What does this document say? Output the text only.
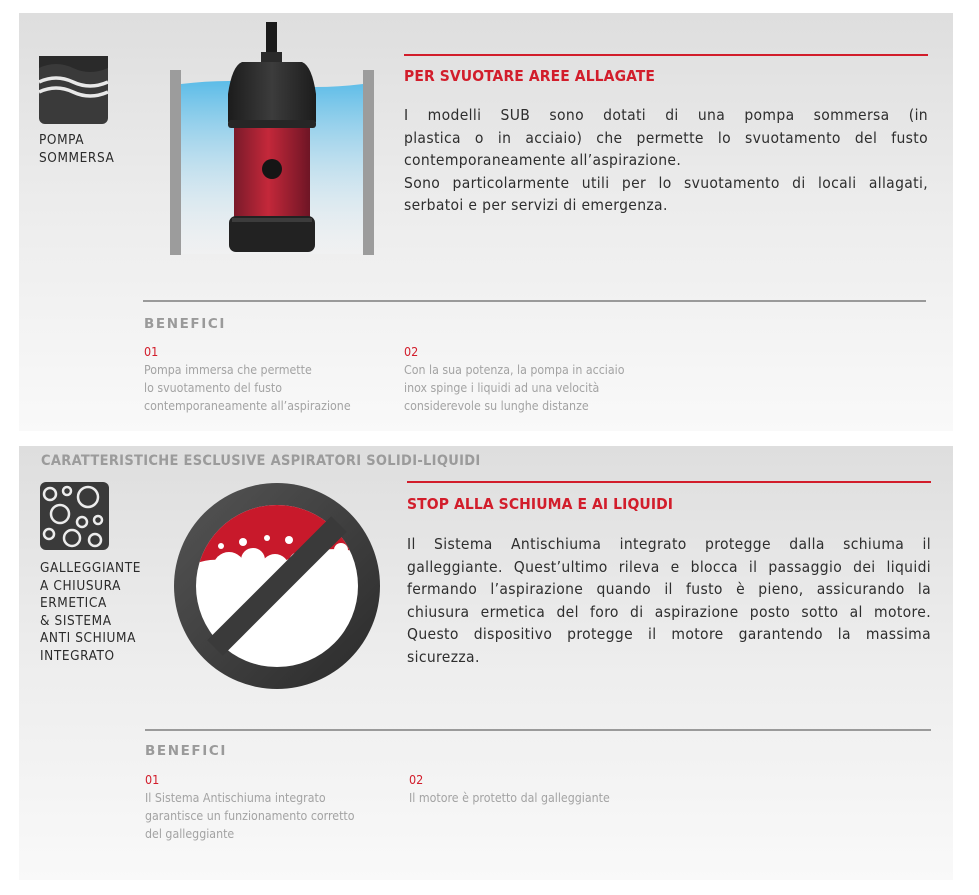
POMPA
SOMMERSA

PER SVUOTARE AREE ALLAGATE

I modelli SUB sono dotati di una pompa sommersa (in
plastica o in acciaio) che permette lo svuotamento del fusto
contemporaneamente all’aspirazione.
Sono particolarmente utili per lo svuotamento di locali allagati,
serbatoi e per servizi di emergenza.

BENEFICI
01
Pompa immersa che permette
lo svuotamento del fusto
contemporaneamente all’aspirazione
02
Con la sua potenza, la pompa in acciaio
inox spinge i liquidi ad una velocità
considerevole su lunghe distanze
CARATTERISTICHE ESCLUSIVE ASPIRATORI SOLIDI-LIQUIDI

GALLEGGIANTE
A CHIUSURA
ERMETICA
& SISTEMA
ANTI SCHIUMA
INTEGRATO

STOP ALLA SCHIUMA E AI LIQUIDI

Il Sistema Antischiuma integrato protegge dalla schiuma il
galleggiante. Quest’ultimo rileva e blocca il passaggio dei liquidi
fermando l’aspirazione quando il fusto è pieno, assicurando la
chiusura ermetica del foro di aspirazione posto sotto al motore.
Questo dispositivo protegge il motore garantendo la massima
sicurezza.

BENEFICI
01
Il Sistema Antischiuma integrato
garantisce un funzionamento corretto
del galleggiante
02
Il motore è protetto dal galleggiante
